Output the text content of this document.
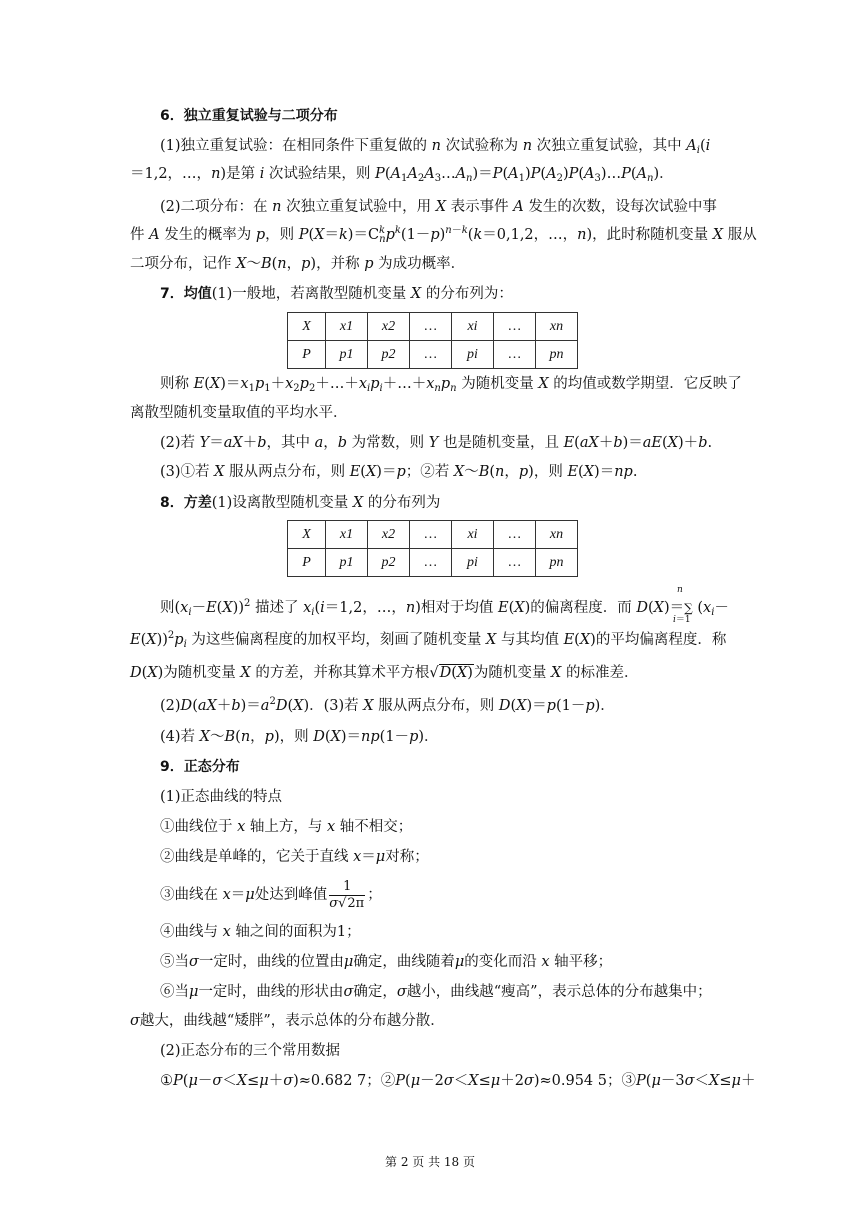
6．独立重复试验与二项分布
(1)独立重复试验：在相同条件下重复做的 n 次试验称为 n 次独立重复试验，其中 $A_i(i$
＝1,2，…，n)是第 i 次试验结果，则 $P(A_1A_2A_3\dots A_n)=P(A_1)P(A_2)P(A_3)\dots P(A_n)$．
(2)二项分布：在 n 次独立重复试验中，用 X 表示事件 A 发生的次数，设每次试验中事
件 A 发生的概率为 p，则 $P(X=k)=C^k_np^k(1-p)^{n-k}(k=0,1,2$，…，n)，此时称随机变量 X 服从
二项分布，记作 X～B(n，p)，并称 p 为成功概率．
7．均值(1)一般地，若离散型随机变量 X 的分布列为：
X	x1	x2	…	xi	…	xn
P	p1	p2	…	pi	…	pn
则称 $E(X)=x_1p_1+x_2p_2+\dots+x_ip_i+\dots+x_np_n$ 为随机变量 X 的均值或数学期望．它反映了
离散型随机变量取值的平均水平．
(2)若 Y＝aX＋b，其中 a，b 为常数，则 Y 也是随机变量，且 E(aX＋b)＝aE(X)＋b.
(3)①若 X 服从两点分布，则 E(X)＝p；②若 X～B(n，p)，则 E(X)＝np.
8．方差(1)设离散型随机变量 X 的分布列为
X	x1	x2	…	xi	…	xn
P	p1	p2	…	pi	…	pn
n
则$(x_i-E(X))^2$ 描述了 $x_i(i=1,2$，…，n)相对于均值 E(X)的偏离程度．而 D(X)＝∑ ($x_i-$
i＝1
$E(X))^2p_i$ 为这些偏离程度的加权平均，刻画了随机变量 X 与其均值 E(X)的平均偏离程度．称
D(X)为随机变量 X 的方差，并称其算术平方根√D(X)为随机变量 X 的标准差．
$(2)D(aX+b)=a^2D(X)$．(3)若 X 服从两点分布，则 D(X)＝p(1－p)．
(4)若 X～B(n，p)，则 D(X)＝np(1－p)．
9．正态分布
(1)正态曲线的特点
①曲线位于 x 轴上方，与 x 轴不相交；
②曲线是单峰的，它关于直线 x＝μ对称；
③曲线在 x＝μ处达到峰值 $\frac{1}{\sigma√2\pi}$ ；
④曲线与 x 轴之间的面积为1；
⑤当σ一定时，曲线的位置由μ确定，曲线随着μ的变化而沿 x 轴平移；
⑥当μ一定时，曲线的形状由σ确定，σ越小，曲线越“瘦高”，表示总体的分布越集中；
σ越大，曲线越“矮胖”，表示总体的分布越分散．
(2)正态分布的三个常用数据
①P(μ－σ＜X≤μ＋σ)≈0.682 7；②P(μ－2σ＜X≤μ＋2σ)≈0.954 5；③P(μ－3σ＜X≤μ＋
第 2 页 共 18 页
